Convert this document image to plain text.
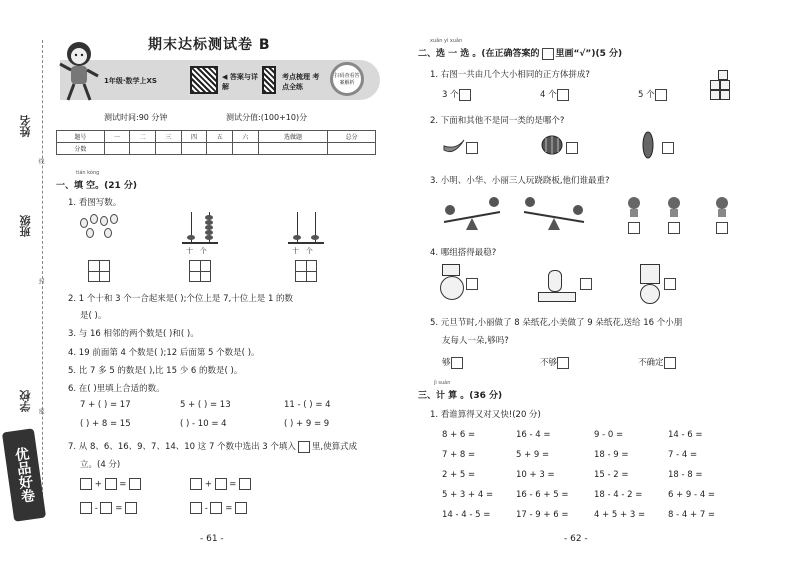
姓名
班级
学校
线
封
密
优品好卷
期末达标测试卷 B
1年级·数学上XS	◀ 答案与详解
考点梳理 考点全练
扫码查看答案解析
测试时间:90 分钟	测试分值:(100+10)分
题号	一	二	三	四	五	六	选做题	总分
分数								
tián kòng
一、填 空。(21 分)
1. 看图写数。
十 个	十 个
2. 1 个十和 3 个一合起来是( );个位上是 7,十位上是 1 的数
是( )。
3. 与 16 相邻的两个数是( )和( )。
4. 19 前面第 4 个数是( );12 后面第 5 个数是( )。
5. 比 7 多 5 的数是( ),比 15 少 6 的数是( )。
6. 在( )里填上合适的数。
7 + ( ) = 17	5 + ( ) = 13	11 - ( ) = 4
( ) + 8 = 15	( ) - 10 = 4	( ) + 9 = 9
7. 从 8、6、16、9、7、14、10 这 7 个数中选出 3 个填入 里,使算式成
立。(4 分)
+ =	+ =
- =	- =
- 61 -
xuǎn yi xuǎn
二、选 一 选 。(在正确答案的 里画“√”)(5 分)
1. 右图一共由几个大小相同的正方体拼成?
3 个	4 个	5 个
2. 下面和其他不是同一类的是哪个?
3. 小明、小华、小丽三人玩跷跷板,他们谁最重?
4. 哪组搭得最稳?
5. 元旦节时,小丽做了 8 朵纸花,小美做了 9 朵纸花,送给 16 个小朋
友每人一朵,够吗?
够	不够	不确定
jì suàn
三、计 算 。(36 分)
1. 看谁算得又对又快!(20 分)
8 + 6 =	16 - 4 =	9 - 0 =	14 - 6 =
7 + 8 =	5 + 9 =	18 - 9 =	7 - 4 =
2 + 5 =	10 + 3 =	15 - 2 =	18 - 8 =
5 + 3 + 4 =	16 - 6 + 5 =	18 - 4 - 2 =	6 + 9 - 4 =
14 - 4 - 5 =	17 - 9 + 6 =	4 + 5 + 3 =	8 - 4 + 7 =
- 62 -
